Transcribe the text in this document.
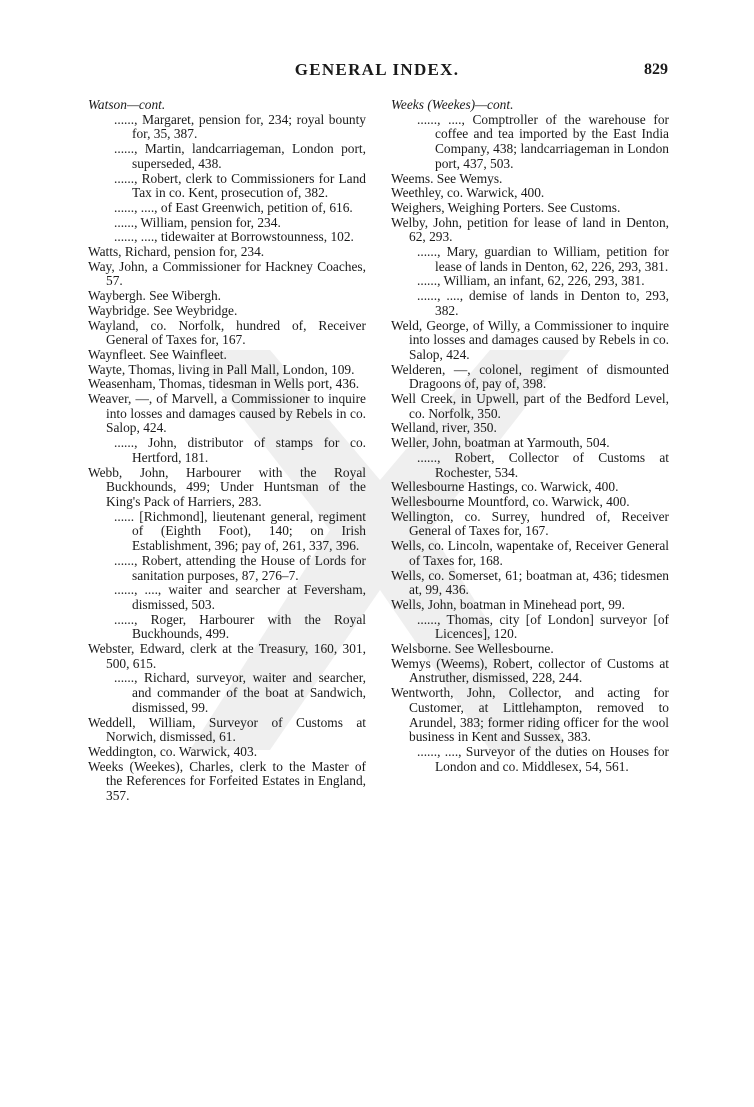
GENERAL INDEX.	829

Watson—cont.

......, Margaret, pension for, 234; royal bounty for, 35, 387.

......, Martin, landcarriageman, London port, superseded, 438.

......, Robert, clerk to Commissioners for Land Tax in co. Kent, prosecution of, 382.

......, ...., of East Greenwich, petition of, 616.

......, William, pension for, 234.

......, ...., tidewaiter at Borrowstounness, 102.

Watts, Richard, pension for, 234.

Way, John, a Commissioner for Hackney Coaches, 57.

Waybergh. See Wibergh.

Waybridge. See Weybridge.

Wayland, co. Norfolk, hundred of, Receiver General of Taxes for, 167.

Waynfleet. See Wainfleet.

Wayte, Thomas, living in Pall Mall, London, 109.

Weasenham, Thomas, tidesman in Wells port, 436.

Weaver, —, of Marvell, a Commissioner to inquire into losses and damages caused by Rebels in co. Salop, 424.

......, John, distributor of stamps for co. Hertford, 181.

Webb, John, Harbourer with the Royal Buckhounds, 499; Under Huntsman of the King's Pack of Harriers, 283.

...... [Richmond], lieutenant general, regiment of (Eighth Foot), 140; on Irish Establishment, 396; pay of, 261, 337, 396.

......, Robert, attending the House of Lords for sanitation purposes, 87, 276–7.

......, ...., waiter and searcher at Feversham, dismissed, 503.

......, Roger, Harbourer with the Royal Buckhounds, 499.

Webster, Edward, clerk at the Treasury, 160, 301, 500, 615.

......, Richard, surveyor, waiter and searcher, and commander of the boat at Sandwich, dismissed, 99.

Weddell, William, Surveyor of Customs at Norwich, dismissed, 61.

Weddington, co. Warwick, 403.

Weeks (Weekes), Charles, clerk to the Master of the References for Forfeited Estates in England, 357.

Weeks (Weekes)—cont.

......, ...., Comptroller of the warehouse for coffee and tea imported by the East India Company, 438; landcarriageman in London port, 437, 503.

Weems. See Wemys.

Weethley, co. Warwick, 400.

Weighers, Weighing Porters. See Customs.

Welby, John, petition for lease of land in Denton, 62, 293.

......, Mary, guardian to William, petition for lease of lands in Denton, 62, 226, 293, 381.

......, William, an infant, 62, 226, 293, 381.

......, ...., demise of lands in Denton to, 293, 382.

Weld, George, of Willy, a Commissioner to inquire into losses and damages caused by Rebels in co. Salop, 424.

Welderen, —, colonel, regiment of dismounted Dragoons of, pay of, 398.

Well Creek, in Upwell, part of the Bedford Level, co. Norfolk, 350.

Welland, river, 350.

Weller, John, boatman at Yarmouth, 504.

......, Robert, Collector of Customs at Rochester, 534.

Wellesbourne Hastings, co. Warwick, 400.

Wellesbourne Mountford, co. Warwick, 400.

Wellington, co. Surrey, hundred of, Receiver General of Taxes for, 167.

Wells, co. Lincoln, wapentake of, Receiver General of Taxes for, 168.

Wells, co. Somerset, 61; boatman at, 436; tidesmen at, 99, 436.

Wells, John, boatman in Minehead port, 99.

......, Thomas, city [of London] surveyor [of Licences], 120.

Welsborne. See Wellesbourne.

Wemys (Weems), Robert, collector of Customs at Anstruther, dismissed, 228, 244.

Wentworth, John, Collector, and acting for Customer, at Littlehampton, removed to Arundel, 383; former riding officer for the wool business in Kent and Sussex, 383.

......, ...., Surveyor of the duties on Houses for London and co. Middlesex, 54, 561.
